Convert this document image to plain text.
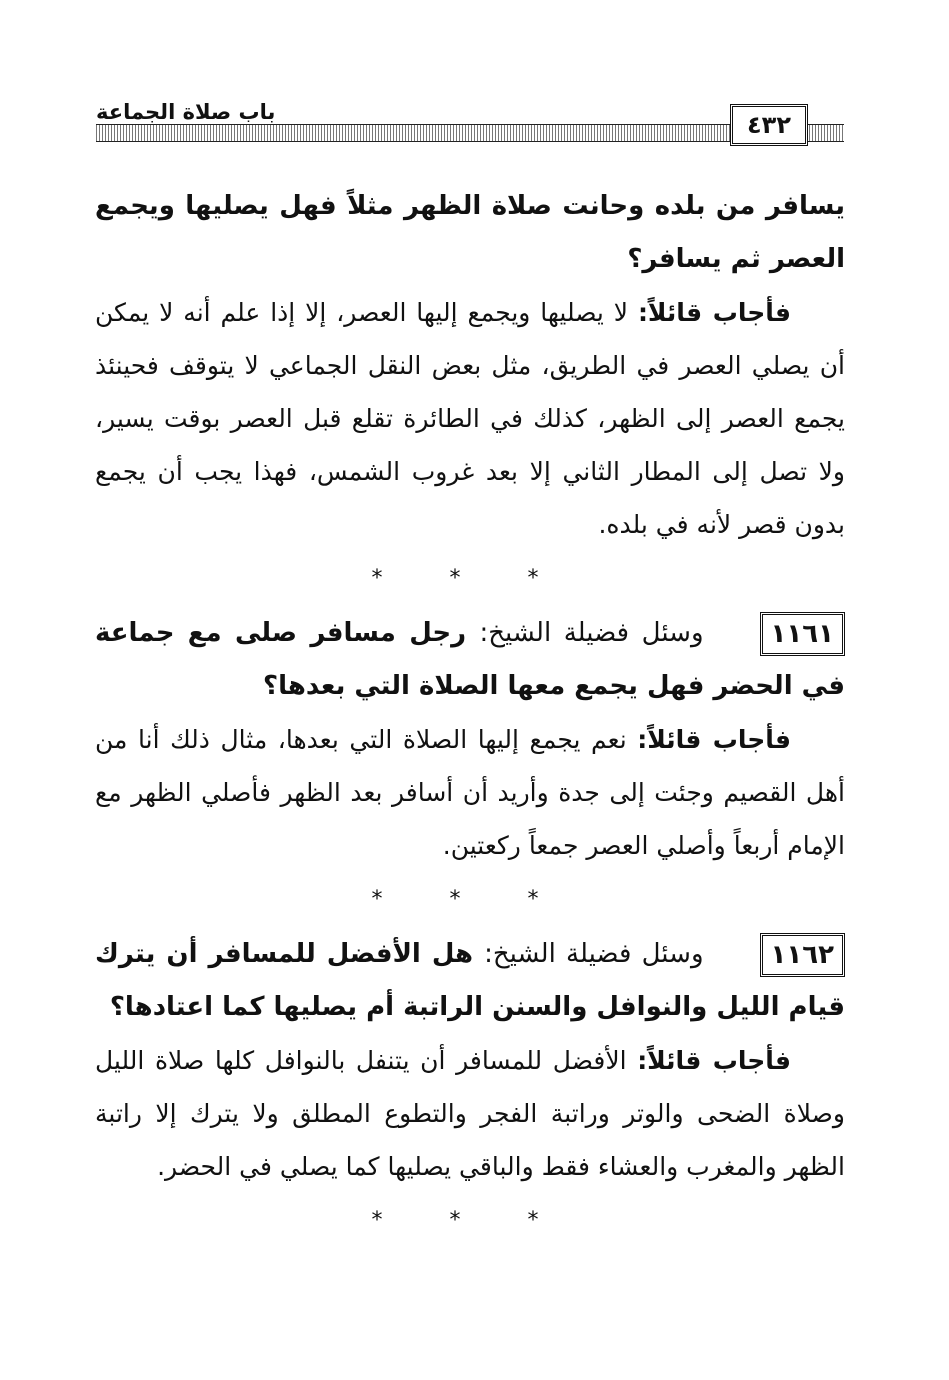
باب صلاة الجماعة	٤٣٢

يسافر من بلده وحانت صلاة الظهر مثلاً فهل يصليها ويجمع العصر ثم يسافر؟

فأجاب قائلاً: لا يصليها ويجمع إليها العصر، إلا إذا علم أنه لا يمكن أن يصلي العصر في الطريق، مثل بعض النقل الجماعي لا يتوقف فحينئذ يجمع العصر إلى الظهر، كذلك في الطائرة تقلع قبل العصر بوقت يسير، ولا تصل إلى المطار الثاني إلا بعد غروب الشمس، فهذا يجب أن يجمع بدون قصر لأنه في بلده.

* * *

١١٦١وسئل فضيلة الشيخ: رجل مسافر صلى مع جماعة في الحضر فهل يجمع معها الصلاة التي بعدها؟

فأجاب قائلاً: نعم يجمع إليها الصلاة التي بعدها، مثال ذلك أنا من أهل القصيم وجئت إلى جدة وأريد أن أسافر بعد الظهر فأصلي الظهر مع الإمام أربعاً وأصلي العصر جمعاً ركعتين.

* * *

١١٦٢وسئل فضيلة الشيخ: هل الأفضل للمسافر أن يترك قيام الليل والنوافل والسنن الراتبة أم يصليها كما اعتادها؟

فأجاب قائلاً: الأفضل للمسافر أن يتنفل بالنوافل كلها صلاة الليل وصلاة الضحى والوتر وراتبة الفجر والتطوع المطلق ولا يترك إلا راتبة الظهر والمغرب والعشاء فقط والباقي يصليها كما يصلي في الحضر.

* * *
